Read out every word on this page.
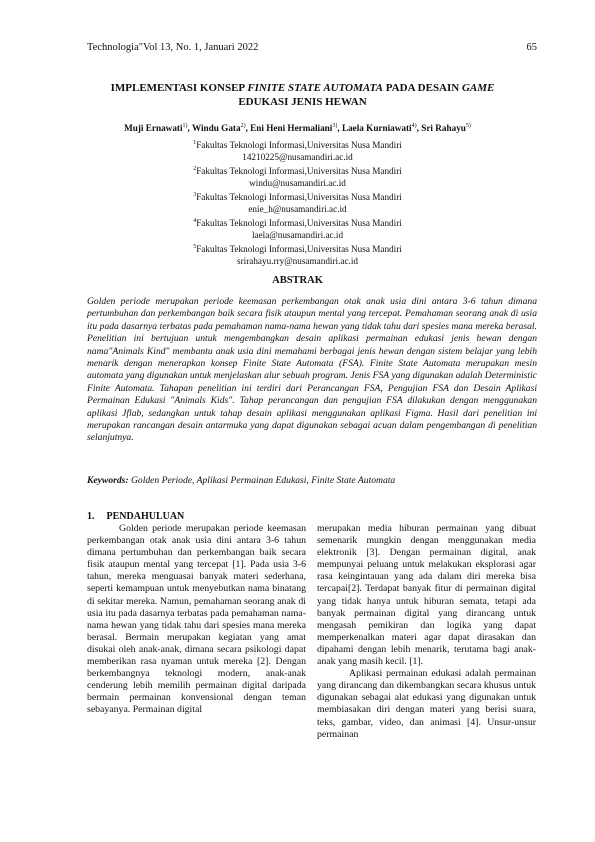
Technologia"Vol 13, No. 1, Januari 2022	65
IMPLEMENTASI KONSEP FINITE STATE AUTOMATA PADA DESAIN GAME
EDUKASI JENIS HEWAN
Muji Ernawati$^{1)}$, Windu Gata$^{2)}$, Eni Heni Hermaliani$^{3)}$, Laela Kurniawati$^{4)}$, Sri Rahayu$^{5)}$
$^1$Fakultas Teknologi Informasi,Universitas Nusa Mandiri
14210225@nusamandiri.ac.id
$^2$Fakultas Teknologi Informasi,Universitas Nusa Mandiri
windu@nusamandiri.ac.id
$^3$Fakultas Teknologi Informasi,Universitas Nusa Mandiri
enie_h@nusamandiri.ac.id
$^4$Fakultas Teknologi Informasi,Universitas Nusa Mandiri
laela@nusamandiri.ac.id
$^5$Fakultas Teknologi Informasi,Universitas Nusa Mandiri
srirahayu.rry@nusamandiri.ac.id
ABSTRAK

Golden periode merupakan periode keemasan perkembangan otak anak usia dini antara 3-6 tahun dimana pertumbuhan dan perkembangan baik secara fisik ataupun mental yang tercepat. Pemahaman seorang anak di usia itu pada dasarnya terbatas pada pemahaman nama-nama hewan yang tidak tahu dari spesies mana mereka berasal. Penelitian ini bertujuan untuk mengembangkan desain aplikasi permainan edukasi jenis hewan dengan nama"Animals Kind" membantu anak usia dini memahami berbagai jenis hewan dengan sistem belajar yang lebih menarik dengan menerapkan konsep Finite State Automata (FSA). Finite State Automata merupakan mesin automata yang digunakan untuk menjelaskan alur sebuah program. Jenis FSA yang digunakan adalah Deterministic Finite Automata. Tahapan penelitian ini terdiri dari Perancangan FSA, Pengujian FSA dan Desain Aplikasi Permainan Edukasi "Animals Kids". Tahap perancangan dan pengujian FSA dilakukan dengan menggunakan aplikasi Jflab, sedangkan untuk tahap desain aplikasi menggunakan aplikasi Figma. Hasil dari penelitian ini merupakan rancangan desain antarmuka yang dapat digunakan sebagai acuan dalam pengembangan di penelitian selanjutnya.

Keywords: Golden Periode, Aplikasi Permainan Edukasi, Finite State Automata
1. PENDAHULUAN

Golden periode merupakan periode keemasan perkembangan otak anak usia dini antara 3-6 tahun dimana pertumbuhan dan perkembangan baik secara fisik ataupun mental yang tercepat [1]. Pada usia 3-6 tahun, mereka menguasai banyak materi sederhana, seperti kemampuan untuk menyebutkan nama binatang di sekitar mereka. Namun, pemahaman seorang anak di usia itu pada dasarnya terbatas pada pemahaman nama-nama hewan yang tidak tahu dari spesies mana mereka berasal. Bermain merupakan kegiatan yang amat disukai oleh anak-anak, dimana secara psikologi dapat memberikan rasa nyaman untuk mereka [2]. Dengan berkembangnya teknologi modern, anak-anak cenderung lebih memilih permainan digital daripada bermain permainan konvensional dengan teman sebayanya. Permainan digital

merupakan media hiburan permainan yang dibuat semenarik mungkin dengan menggunakan media elektronik [3]. Dengan permainan digital, anak mempunyai peluang untuk melakukan eksplorasi agar rasa keingintauan yang ada dalam diri mereka bisa tercapai[2]. Terdapat banyak fitur di permainan digital yang tidak hanya untuk hiburan semata, tetapi ada banyak permainan digital yang dirancang untuk mengasah pemikiran dan logika yang dapat memperkenalkan materi agar dapat dirasakan dan dipahami dengan lebih menarik, terutama bagi anak-anak yang masih kecil. [1].

Aplikasi permainan edukasi adalah permainan yang dirancang dan dikembangkan secara khusus untuk digunakan sebagai alat edukasi yang digunakan untuk membiasakan diri dengan materi yang berisi suara, teks, gambar, video, dan animasi [4]. Unsur-unsur permainan
